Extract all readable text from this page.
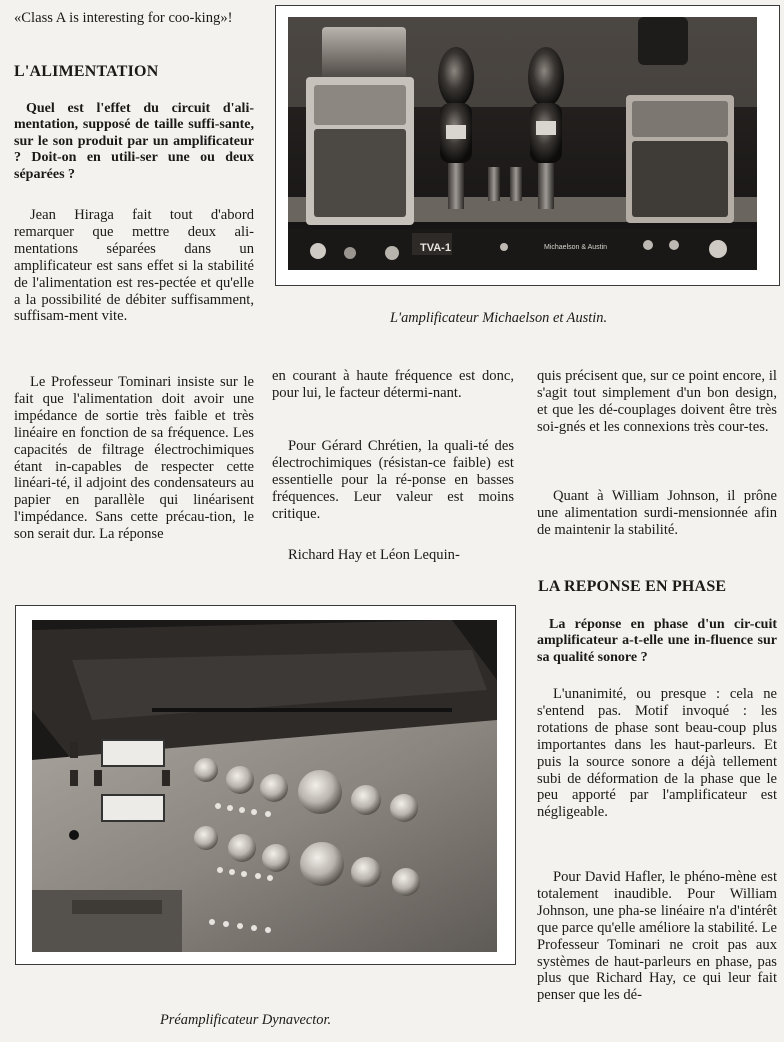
«Class A is interesting for coo-king»!

L'ALIMENTATION

Quel est l'effet du circuit d'ali-mentation, supposé de taille suffi-sante, sur le son produit par un amplificateur ? Doit-on en utili-ser une ou deux séparées ?

Jean Hiraga fait tout d'abord remarquer que mettre deux ali-mentations séparées dans un amplificateur est sans effet si la stabilité de l'alimentation est res-pectée et qu'elle a la possibilité de débiter suffisamment, suffisam-ment vite.

Le Professeur Tominari insiste sur le fait que l'alimentation doit avoir une impédance de sortie très faible et très linéaire en fonction de sa fréquence. Les capacités de filtrage électrochimiques étant in-capables de respecter cette linéari-té, il adjoint des condensateurs au papier en parallèle qui linéarisent l'impédance. Sans cette précau-tion, le son serait dur. La réponse

en courant à haute fréquence est donc, pour lui, le facteur détermi-nant.

Pour Gérard Chrétien, la quali-té des électrochimiques (résistan-ce faible) est essentielle pour la ré-ponse en basses fréquences. Leur valeur est moins critique.

Richard Hay et Léon Lequin-

quis précisent que, sur ce point encore, il s'agit tout simplement d'un bon design, et que les dé-couplages doivent être très soi-gnés et les connexions très cour-tes.

Quant à William Johnson, il prône une alimentation surdi-mensionnée afin de maintenir la stabilité.

LA REPONSE EN PHASE

La réponse en phase d'un cir-cuit amplificateur a-t-elle une in-fluence sur sa qualité sonore ?

L'unanimité, ou presque : cela ne s'entend pas. Motif invoqué : les rotations de phase sont beau-coup plus importantes dans les haut-parleurs. Et puis la source sonore a déjà tellement subi de déformation de la phase que le peu apporté par l'amplificateur est négligeable.

Pour David Hafler, le phéno-mène est totalement inaudible. Pour William Johnson, une pha-se linéaire n'a d'intérêt que parce qu'elle améliore la stabilité. Le Professeur Tominari ne croit pas aux systèmes de haut-parleurs en phase, pas plus que Richard Hay, ce qui leur fait penser que les dé-

TVA-1	Michaelson & Austin
L'amplificateur Michaelson et Austin.
Préamplificateur Dynavector.
